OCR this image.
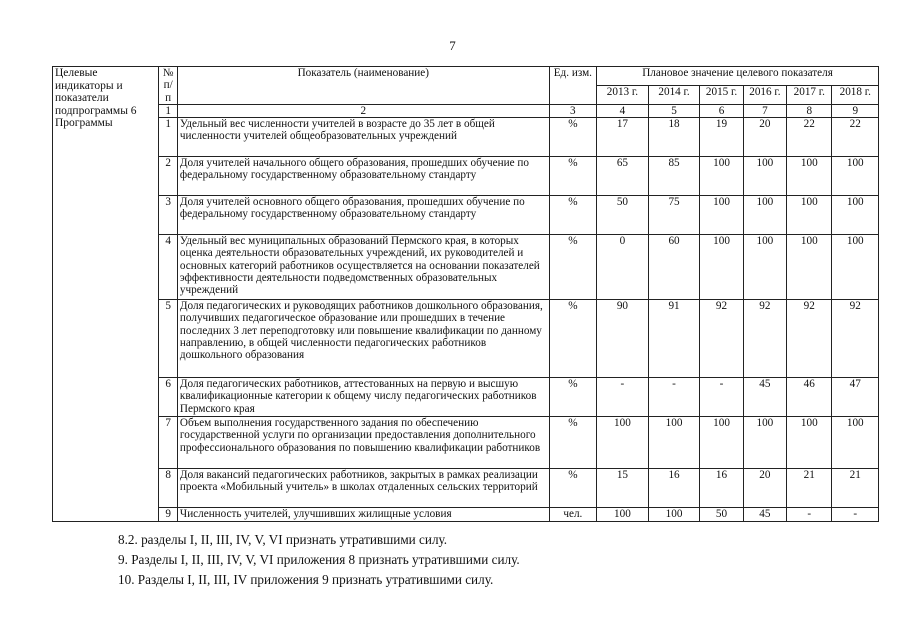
7
Целевые индикаторы и показатели подпрограммы 6 Программы	№ п/п	Показатель (наименование)	Ед. изм.	Плановое значение целевого показателя					
				2013 г.	2014 г.	2015 г.	2016 г.	2017 г.	2018 г.
	1	2	3	4	5	6	7	8	9
	1	Удельный вес численности учителей в возрасте до 35 лет в общей численности учителей общеобразовательных учреждений	%	17	18	19	20	22	22
	2	Доля учителей начального общего образования, прошедших обучение по федеральному государственному образовательному стандарту	%	65	85	100	100	100	100
	3	Доля учителей основного общего образования, прошедших обучение по федеральному государственному образовательному стандарту	%	50	75	100	100	100	100
	4	Удельный вес муниципальных образований Пермского края, в которых оценка деятельности образовательных учреждений, их руководителей и основных категорий работников осуществляется на основании показателей эффективности деятельности подведомственных образовательных учреждений	%	0	60	100	100	100	100
	5	Доля педагогических и руководящих работников дошкольного образования, получивших педагогическое образование или прошедших в течение последних 3 лет переподготовку или повышение квалификации по данному направлению, в общей численности педагогических работников дошкольного образования	%	90	91	92	92	92	92
	6	Доля педагогических работников, аттестованных на первую и высшую квалификационные категории к общему числу педагогических работников Пермского края	%	-	-	-	45	46	47
	7	Объем выполнения государственного задания по обеспечению государственной услуги по организации предоставления дополнительного профессионального образования по повышению квалификации работников	%	100	100	100	100	100	100
	8	Доля вакансий педагогических работников, закрытых в рамках реализации проекта «Мобильный учитель» в школах отдаленных сельских территорий	%	15	16	16	20	21	21
	9	Численность учителей, улучшивших жилищные условия	чел.	100	100	50	45	-	-

8.2. разделы I, II, III, IV, V, VI признать утратившими силу.

9. Разделы I, II, III, IV, V, VI приложения 8 признать утратившими силу.

10. Разделы I, II, III, IV приложения 9 признать утратившими силу.
